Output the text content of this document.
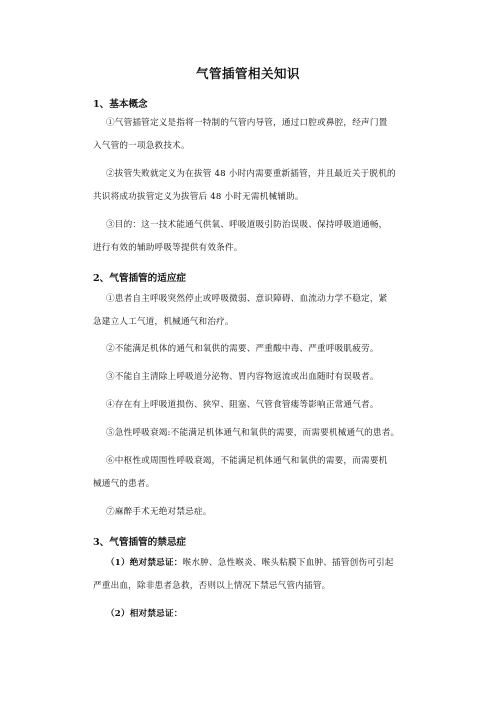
气管插管相关知识
1、基本概念
①气管插管定义是指将一特制的气管内导管，通过口腔或鼻腔，经声门置
入气管的一项急救技术。
②拔管失败就定义为在拔管 48 小时内需要重新插管，并且最近关于脱机的
共识将成功拔管定义为拔管后 48 小时无需机械辅助。
③目的：这一技术能通气供氧、呼吸道吸引防治误吸、保持呼吸道通畅，
进行有效的辅助呼吸等提供有效条件。
2、气管插管的适应症
①患者自主呼吸突然停止或呼吸微弱、意识障碍、血流动力学不稳定，紧
急建立人工气道，机械通气和治疗。
②不能满足机体的通气和氧供的需要、严重酸中毒、严重呼吸肌疲劳。
③不能自主清除上呼吸道分泌物、胃内容物返流或出血随时有误吸者。
④存在有上呼吸道损伤、狭窄、阻塞、气管食管瘘等影响正常通气者。
⑤急性呼吸衰竭:不能满足机体通气和氧供的需要，而需要机械通气的患者。
⑥中枢性或周围性呼吸衰竭，不能满足机体通气和氧供的需要，而需要机
械通气的患者。
⑦麻醉手术无绝对禁忌症。
3、气管插管的禁忌症
（1）绝对禁忌证：喉水肿、急性喉炎、喉头粘膜下血肿、插管创伤可引起
严重出血，除非患者急救，否则以上情况下禁忌气管内插管。
（2）相对禁忌证：
